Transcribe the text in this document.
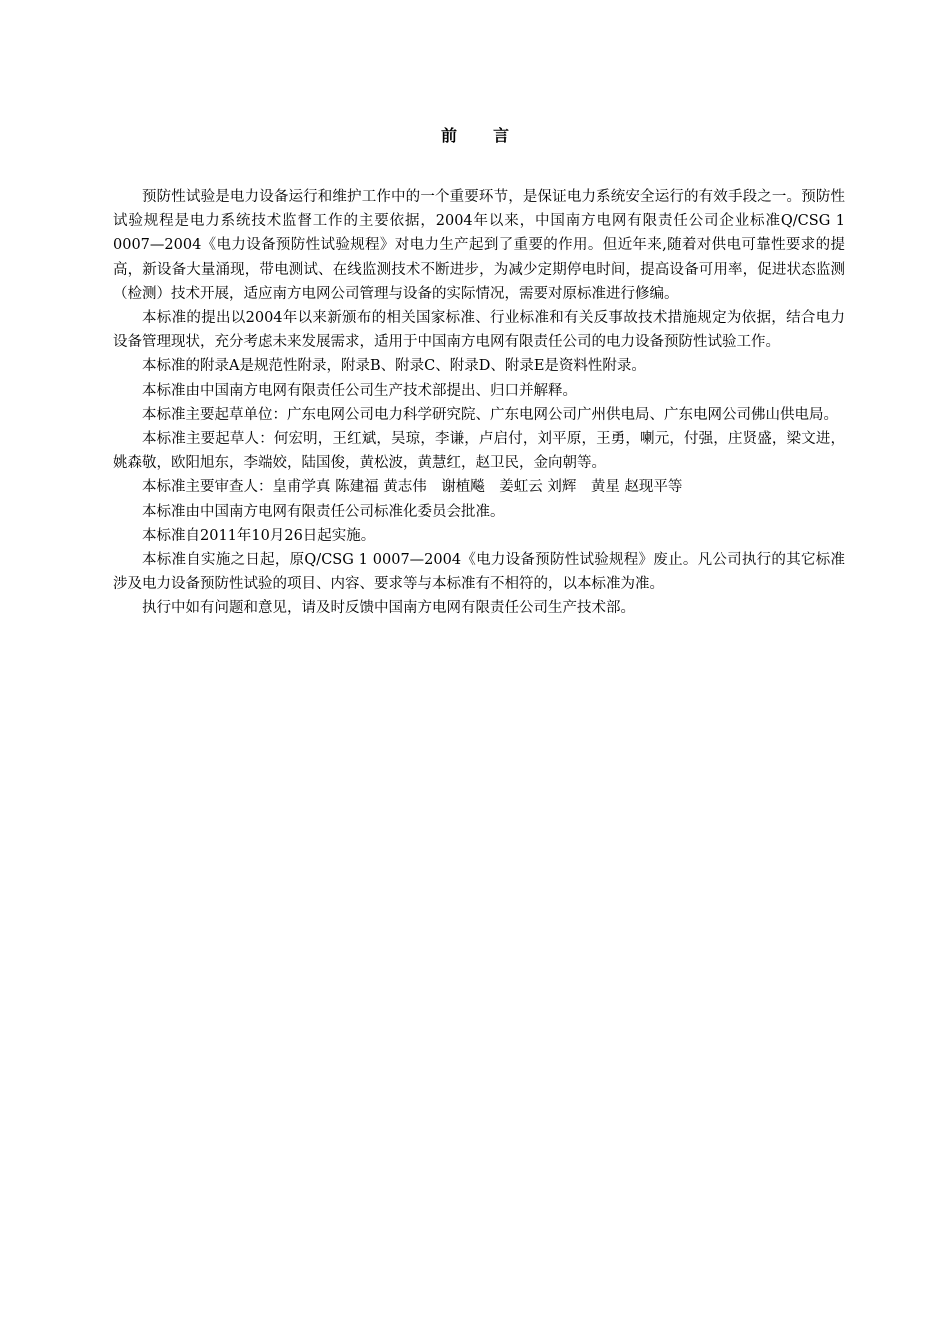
前言

预防性试验是电力设备运行和维护工作中的一个重要环节，是保证电力系统安全运行的有效手段之一。预防性试验规程是电力系统技术监督工作的主要依据，2004年以来，中国南方电网有限责任公司企业标准Q/CSG 1 0007—2004《电力设备预防性试验规程》对电力生产起到了重要的作用。但近年来,随着对供电可靠性要求的提高，新设备大量涌现，带电测试、在线监测技术不断进步，为减少定期停电时间，提高设备可用率，促进状态监测（检测）技术开展，适应南方电网公司管理与设备的实际情况，需要对原标准进行修编。

本标准的提出以2004年以来新颁布的相关国家标准、行业标准和有关反事故技术措施规定为依据，结合电力设备管理现状，充分考虑未来发展需求，适用于中国南方电网有限责任公司的电力设备预防性试验工作。

本标准的附录A是规范性附录，附录B、附录C、附录D、附录E是资料性附录。

本标准由中国南方电网有限责任公司生产技术部提出、归口并解释。

本标准主要起草单位：广东电网公司电力科学研究院、广东电网公司广州供电局、广东电网公司佛山供电局。

本标准主要起草人：何宏明，王红斌，吴琼，李谦，卢启付，刘平原，王勇，喇元，付强，庄贤盛，梁文进，姚森敬，欧阳旭东，李端姣，陆国俊，黄松波，黄慧红，赵卫民，金向朝等。

本标准主要审查人：皇甫学真 陈建福 黄志伟　谢植飚　姜虹云 刘辉　黄星 赵现平等

本标准由中国南方电网有限责任公司标准化委员会批准。

本标准自2011年10月26日起实施。

本标准自实施之日起，原Q/CSG 1 0007—2004《电力设备预防性试验规程》废止。凡公司执行的其它标准涉及电力设备预防性试验的项目、内容、要求等与本标准有不相符的，以本标准为准。

执行中如有问题和意见，请及时反馈中国南方电网有限责任公司生产技术部。
